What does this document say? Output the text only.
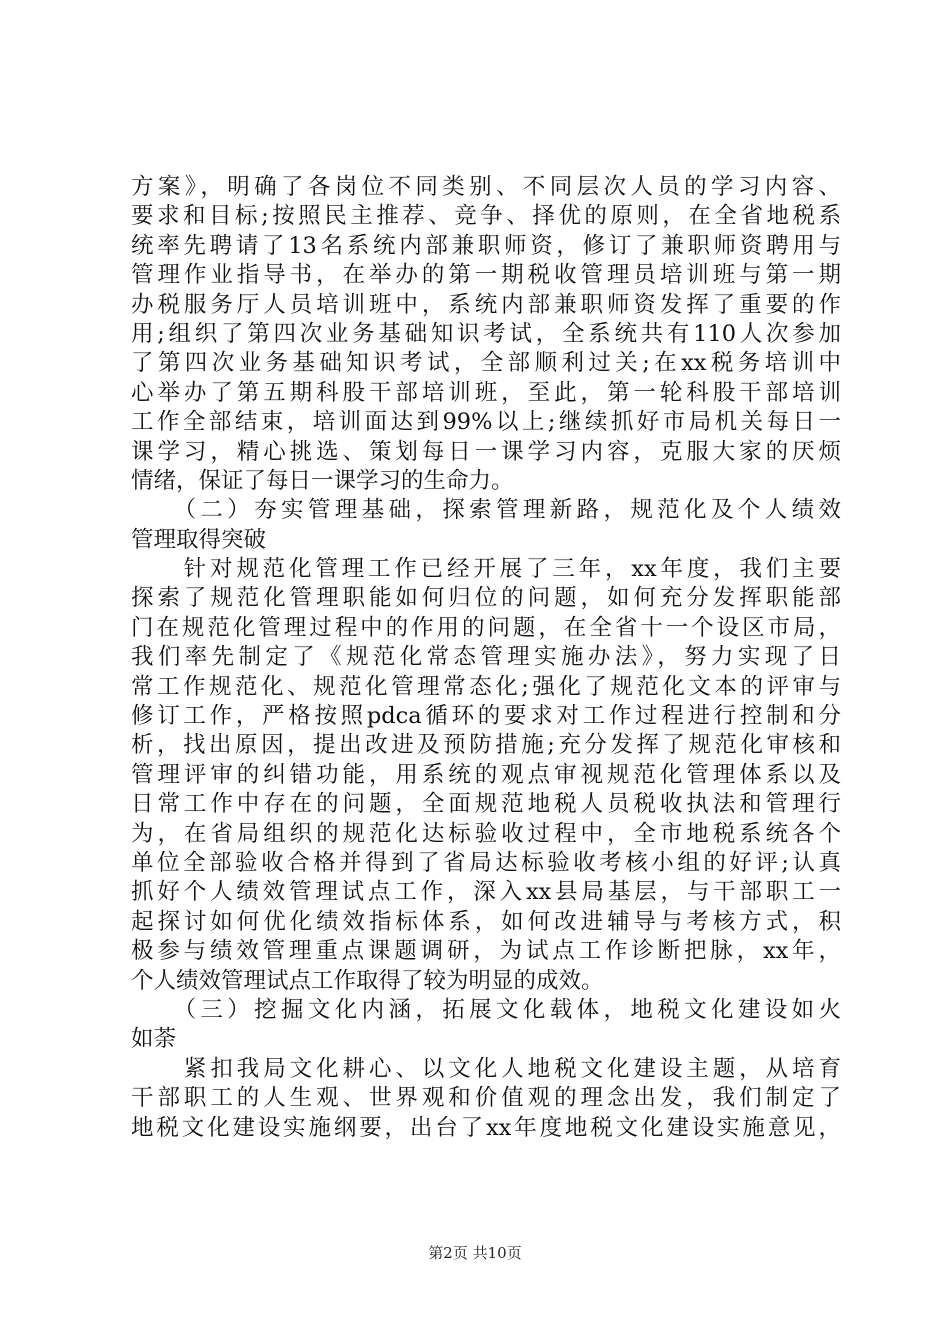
方案》，明确了各岗位不同类别、不同层次人员的学习内容、
要求和目标;按照民主推荐、竞争、择优的原则，在全省地税系
统率先聘请了13名系统内部兼职师资，修订了兼职师资聘用与
管理作业指导书，在举办的第一期税收管理员培训班与第一期
办税服务厅人员培训班中，系统内部兼职师资发挥了重要的作
用;组织了第四次业务基础知识考试，全系统共有110人次参加
了第四次业务基础知识考试，全部顺利过关;在xx税务培训中
心举办了第五期科股干部培训班，至此，第一轮科股干部培训
工作全部结束，培训面达到99%以上;继续抓好市局机关每日一
课学习，精心挑选、策划每日一课学习内容，克服大家的厌烦
情绪，保证了每日一课学习的生命力。
　　（二）夯实管理基础，探索管理新路，规范化及个人绩效
管理取得突破
　　针对规范化管理工作已经开展了三年，xx年度，我们主要
探索了规范化管理职能如何归位的问题，如何充分发挥职能部
门在规范化管理过程中的作用的问题，在全省十一个设区市局，
我们率先制定了《规范化常态管理实施办法》，努力实现了日
常工作规范化、规范化管理常态化;强化了规范化文本的评审与
修订工作，严格按照pdca循环的要求对工作过程进行控制和分
析，找出原因，提出改进及预防措施;充分发挥了规范化审核和
管理评审的纠错功能，用系统的观点审视规范化管理体系以及
日常工作中存在的问题，全面规范地税人员税收执法和管理行
为，在省局组织的规范化达标验收过程中，全市地税系统各个
单位全部验收合格并得到了省局达标验收考核小组的好评;认真
抓好个人绩效管理试点工作，深入xx县局基层，与干部职工一
起探讨如何优化绩效指标体系，如何改进辅导与考核方式，积
极参与绩效管理重点课题调研，为试点工作诊断把脉，xx年，
个人绩效管理试点工作取得了较为明显的成效。
　　（三）挖掘文化内涵，拓展文化载体，地税文化建设如火
如荼
　　紧扣我局文化耕心、以文化人地税文化建设主题，从培育
干部职工的人生观、世界观和价值观的理念出发，我们制定了
地税文化建设实施纲要，出台了xx年度地税文化建设实施意见，
第2页 共10页
